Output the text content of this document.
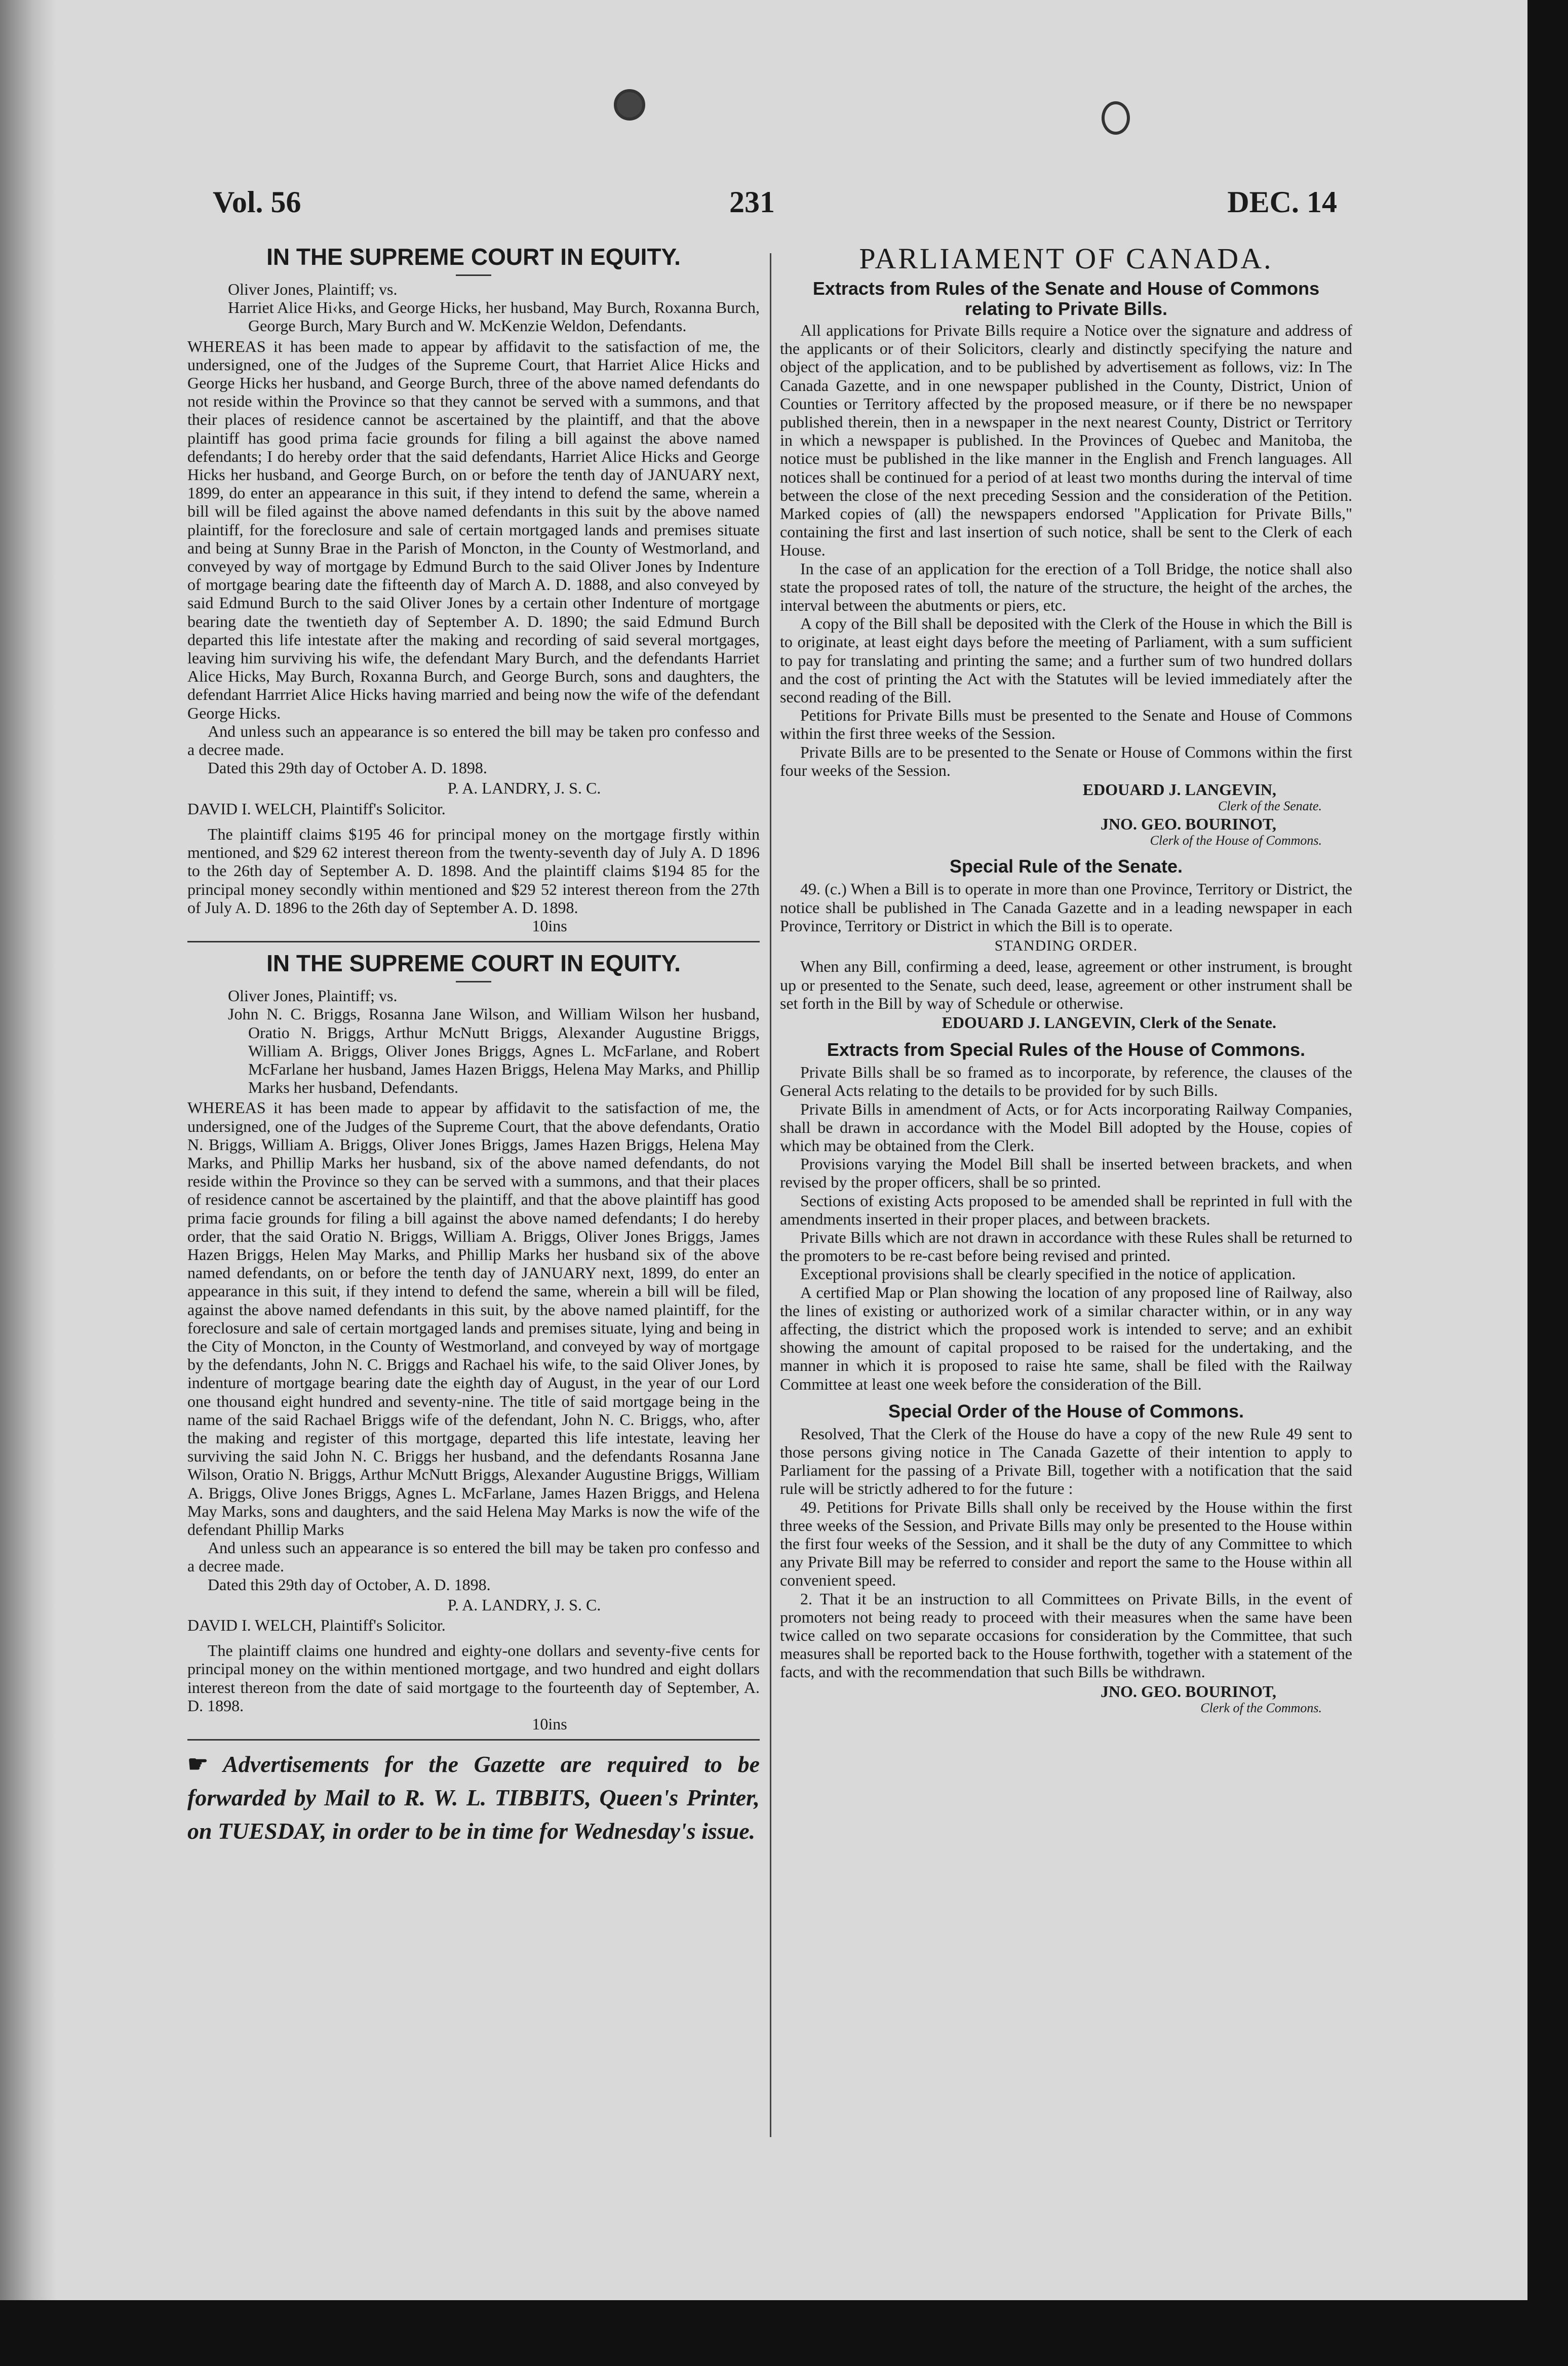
Vol. 56	231	DEC. 14
IN THE SUPREME COURT IN EQUITY.

Oliver Jones, Plaintiff; vs.

Harriet Alice Hi‹ks, and George Hicks, her husband, May Burch, Roxanna Burch, George Burch, Mary Burch and W. McKenzie Weldon, Defendants.

WHEREAS it has been made to appear by affidavit to the satisfaction of me, the undersigned, one of the Judges of the Supreme Court, that Harriet Alice Hicks and George Hicks her husband, and George Burch, three of the above named defendants do not reside within the Province so that they cannot be served with a summons, and that their places of residence cannot be ascertained by the plaintiff, and that the above plaintiff has good prima facie grounds for filing a bill against the above named defendants; I do hereby order that the said defendants, Harriet Alice Hicks and George Hicks her husband, and George Burch, on or before the tenth day of JANUARY next, 1899, do enter an appearance in this suit, if they intend to defend the same, wherein a bill will be filed against the above named defendants in this suit by the above named plaintiff, for the foreclosure and sale of certain mortgaged lands and premises situate and being at Sunny Brae in the Parish of Moncton, in the County of Westmorland, and conveyed by way of mortgage by Edmund Burch to the said Oliver Jones by Indenture of mortgage bearing date the fifteenth day of March A. D. 1888, and also conveyed by said Edmund Burch to the said Oliver Jones by a certain other Indenture of mortgage bearing date the twentieth day of September A. D. 1890; the said Edmund Burch departed this life intestate after the making and recording of said several mortgages, leaving him surviving his wife, the defendant Mary Burch, and the defendants Harriet Alice Hicks, May Burch, Roxanna Burch, and George Burch, sons and daughters, the defendant Harrriet Alice Hicks having married and being now the wife of the defendant George Hicks.

And unless such an appearance is so entered the bill may be taken pro confesso and a decree made.

Dated this 29th day of October A. D. 1898.

P. A. LANDRY, J. S. C.

DAVID I. WELCH, Plaintiff's Solicitor.

The plaintiff claims $195 46 for principal money on the mortgage firstly within mentioned, and $29 62 interest thereon from the twenty-seventh day of July A. D 1896 to the 26th day of September A. D. 1898. And the plaintiff claims $194 85 for the principal money secondly within mentioned and $29 52 interest thereon from the 27th of July A. D. 1896 to the 26th day of September A. D. 1898.

10ins

IN THE SUPREME COURT IN EQUITY.

Oliver Jones, Plaintiff; vs.

John N. C. Briggs, Rosanna Jane Wilson, and William Wilson her husband, Oratio N. Briggs, Arthur McNutt Briggs, Alexander Augustine Briggs, William A. Briggs, Oliver Jones Briggs, Agnes L. McFarlane, and Robert McFarlane her husband, James Hazen Briggs, Helena May Marks, and Phillip Marks her husband, Defendants.

WHEREAS it has been made to appear by affidavit to the satisfaction of me, the undersigned, one of the Judges of the Supreme Court, that the above defendants, Oratio N. Briggs, William A. Briggs, Oliver Jones Briggs, James Hazen Briggs, Helena May Marks, and Phillip Marks her husband, six of the above named defendants, do not reside within the Province so they can be served with a summons, and that their places of residence cannot be ascertained by the plaintiff, and that the above plaintiff has good prima facie grounds for filing a bill against the above named defendants; I do hereby order, that the said Oratio N. Briggs, William A. Briggs, Oliver Jones Briggs, James Hazen Briggs, Helen May Marks, and Phillip Marks her husband six of the above named defendants, on or before the tenth day of JANUARY next, 1899, do enter an appearance in this suit, if they intend to defend the same, wherein a bill will be filed, against the above named defendants in this suit, by the above named plaintiff, for the foreclosure and sale of certain mortgaged lands and premises situate, lying and being in the City of Moncton, in the County of Westmorland, and conveyed by way of mortgage by the defendants, John N. C. Briggs and Rachael his wife, to the said Oliver Jones, by indenture of mortgage bearing date the eighth day of August, in the year of our Lord one thousand eight hundred and seventy-nine. The title of said mortgage being in the name of the said Rachael Briggs wife of the defendant, John N. C. Briggs, who, after the making and register of this mortgage, departed this life intestate, leaving her surviving the said John N. C. Briggs her husband, and the defendants Rosanna Jane Wilson, Oratio N. Briggs, Arthur McNutt Briggs, Alexander Augustine Briggs, William A. Briggs, Olive Jones Briggs, Agnes L. McFarlane, James Hazen Briggs, and Helena May Marks, sons and daughters, and the said Helena May Marks is now the wife of the defendant Phillip Marks

And unless such an appearance is so entered the bill may be taken pro confesso and a decree made.

Dated this 29th day of October, A. D. 1898.

P. A. LANDRY, J. S. C.

DAVID I. WELCH, Plaintiff's Solicitor.

The plaintiff claims one hundred and eighty-one dollars and seventy-five cents for principal money on the within mentioned mortgage, and two hundred and eight dollars interest thereon from the date of said mortgage to the fourteenth day of September, A. D. 1898.

10ins

☛ Advertisements for the Gazette are required to be forwarded by Mail to R. W. L. TIBBITS, Queen's Printer, on TUESDAY, in order to be in time for Wednesday's issue.
PARLIAMENT OF CANADA.
Extracts from Rules of the Senate and House of Commons relating to Private Bills.

All applications for Private Bills require a Notice over the signature and address of the applicants or of their Solicitors, clearly and distinctly specifying the nature and object of the application, and to be published by advertisement as follows, viz: In The Canada Gazette, and in one newspaper published in the County, District, Union of Counties or Territory affected by the proposed measure, or if there be no newspaper published therein, then in a newspaper in the next nearest County, District or Territory in which a newspaper is published. In the Provinces of Quebec and Manitoba, the notice must be published in the like manner in the English and French languages. All notices shall be continued for a period of at least two months during the interval of time between the close of the next preceding Session and the consideration of the Petition. Marked copies of (all) the newspapers endorsed "Application for Private Bills," containing the first and last insertion of such notice, shall be sent to the Clerk of each House.

In the case of an application for the erection of a Toll Bridge, the notice shall also state the proposed rates of toll, the nature of the structure, the height of the arches, the interval between the abutments or piers, etc.

A copy of the Bill shall be deposited with the Clerk of the House in which the Bill is to originate, at least eight days before the meeting of Parliament, with a sum sufficient to pay for translating and printing the same; and a further sum of two hundred dollars and the cost of printing the Act with the Statutes will be levied immediately after the second reading of the Bill.

Petitions for Private Bills must be presented to the Senate and House of Commons within the first three weeks of the Session.

Private Bills are to be presented to the Senate or House of Commons within the first four weeks of the Session.

EDOUARD J. LANGEVIN,

Clerk of the Senate.

JNO. GEO. BOURINOT,

Clerk of the House of Commons.

Special Rule of the Senate.

49. (c.) When a Bill is to operate in more than one Province, Territory or District, the notice shall be published in The Canada Gazette and in a leading newspaper in each Province, Territory or District in which the Bill is to operate.

STANDING ORDER.

When any Bill, confirming a deed, lease, agreement or other instrument, is brought up or presented to the Senate, such deed, lease, agreement or other instrument shall be set forth in the Bill by way of Schedule or otherwise.

EDOUARD J. LANGEVIN, Clerk of the Senate.

Extracts from Special Rules of the House of Commons.

Private Bills shall be so framed as to incorporate, by reference, the clauses of the General Acts relating to the details to be provided for by such Bills.

Private Bills in amendment of Acts, or for Acts incorporating Railway Companies, shall be drawn in accordance with the Model Bill adopted by the House, copies of which may be obtained from the Clerk.

Provisions varying the Model Bill shall be inserted between brackets, and when revised by the proper officers, shall be so printed.

Sections of existing Acts proposed to be amended shall be reprinted in full with the amendments inserted in their proper places, and between brackets.

Private Bills which are not drawn in accordance with these Rules shall be returned to the promoters to be re-cast before being revised and printed.

Exceptional provisions shall be clearly specified in the notice of application.

A certified Map or Plan showing the location of any proposed line of Railway, also the lines of existing or authorized work of a similar character within, or in any way affecting, the district which the proposed work is intended to serve; and an exhibit showing the amount of capital proposed to be raised for the undertaking, and the manner in which it is proposed to raise hte same, shall be filed with the Railway Committee at least one week before the consideration of the Bill.

Special Order of the House of Commons.

Resolved, That the Clerk of the House do have a copy of the new Rule 49 sent to those persons giving notice in The Canada Gazette of their intention to apply to Parliament for the passing of a Private Bill, together with a notification that the said rule will be strictly adhered to for the future :

49. Petitions for Private Bills shall only be received by the House within the first three weeks of the Session, and Private Bills may only be presented to the House within the first four weeks of the Session, and it shall be the duty of any Committee to which any Private Bill may be referred to consider and report the same to the House within all convenient speed.

2. That it be an instruction to all Committees on Private Bills, in the event of promoters not being ready to proceed with their measures when the same have been twice called on two separate occasions for consideration by the Committee, that such measures shall be reported back to the House forthwith, together with a statement of the facts, and with the recommendation that such Bills be withdrawn.

JNO. GEO. BOURINOT,

Clerk of the Commons.
